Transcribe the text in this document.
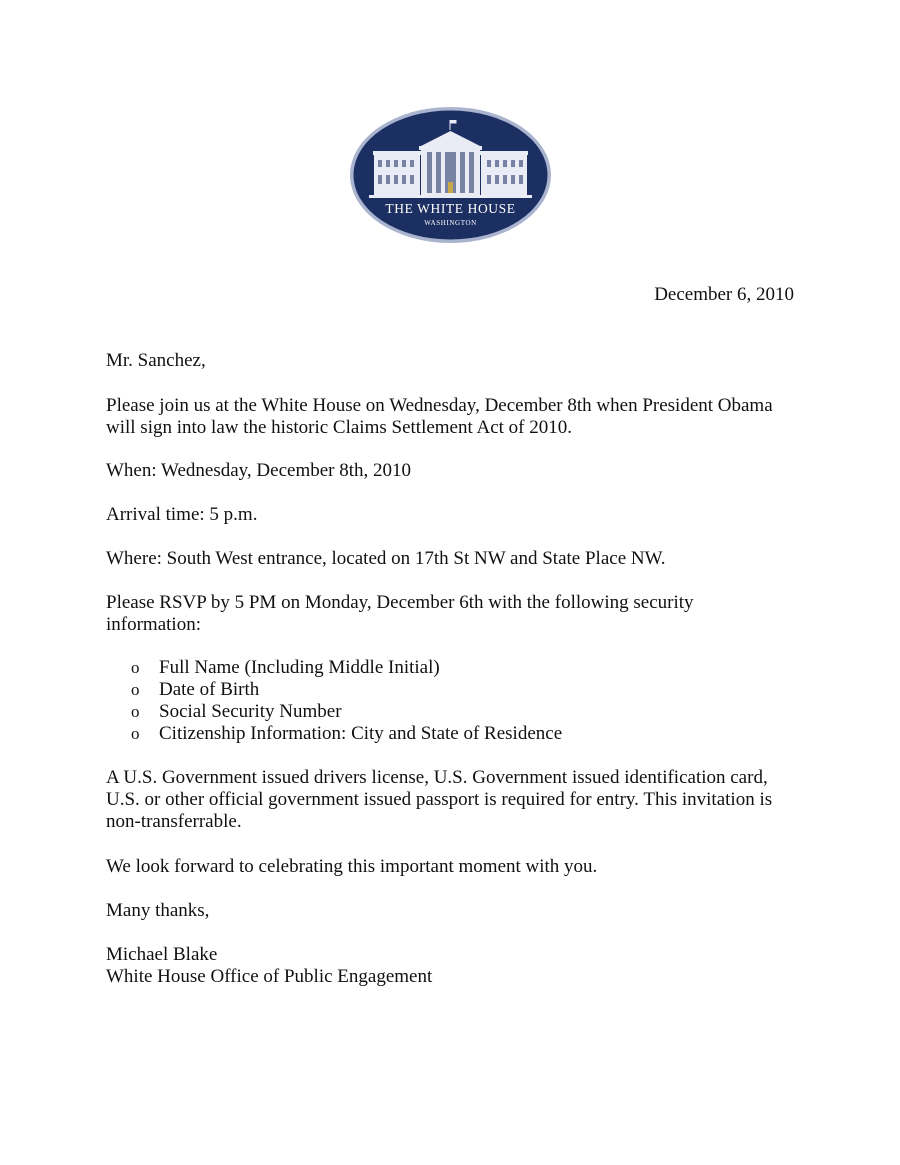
THE WHITE HOUSE
WASHINGTON
December 6, 2010
Mr. Sanchez,
Please join us at the White House on Wednesday, December 8th when President Obama
will sign into law the historic Claims Settlement Act of 2010.
When: Wednesday, December 8th, 2010
Arrival time: 5 p.m.
Where: South West entrance, located on 17th St NW and State Place NW.
Please RSVP by 5 PM on Monday, December 6th with the following security
information:
o	Full Name (Including Middle Initial)
o	Date of Birth
o	Social Security Number
o	Citizenship Information: City and State of Residence
A U.S. Government issued drivers license, U.S. Government issued identification card,
U.S. or other official government issued passport is required for entry. This invitation is
non-transferrable.
We look forward to celebrating this important moment with you.
Many thanks,
Michael Blake
White House Office of Public Engagement
